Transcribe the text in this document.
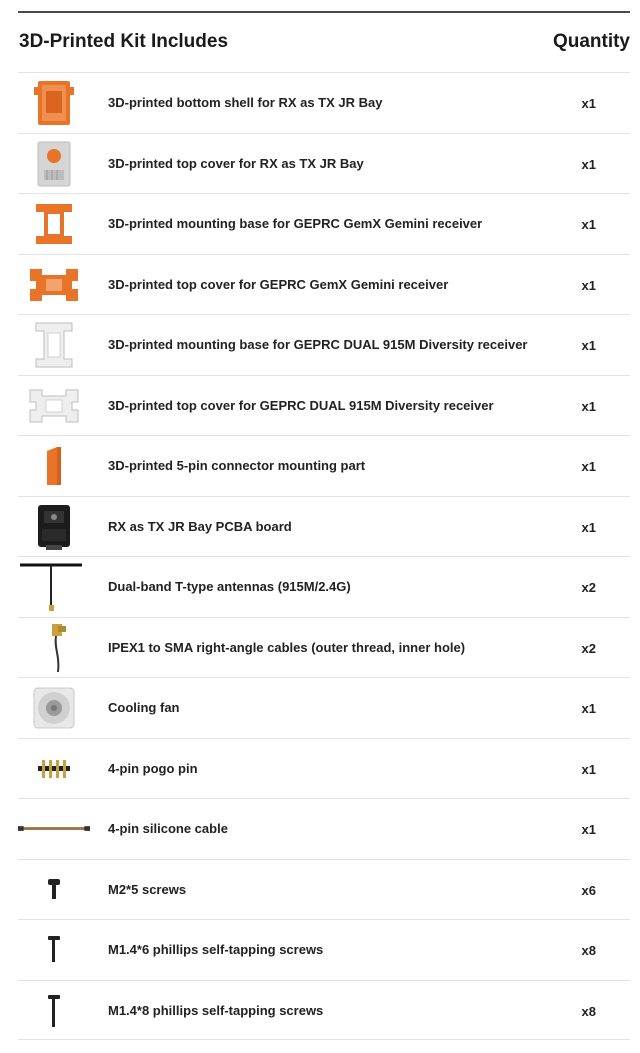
3D-Printed Kit Includes	Quantity
3D-printed bottom shell for RX as TX JR Bay	x1
3D-printed top cover for RX as TX JR Bay	x1
3D-printed mounting base for GEPRC GemX Gemini receiver	x1
3D-printed top cover for GEPRC GemX Gemini receiver	x1
3D-printed mounting base for GEPRC DUAL 915M Diversity receiver	x1
3D-printed top cover for GEPRC DUAL 915M Diversity receiver	x1
3D-printed 5-pin connector mounting part	x1
RX as TX JR Bay PCBA board	x1
Dual-band T-type antennas (915M/2.4G)	x2
IPEX1 to SMA right-angle cables (outer thread, inner hole)	x2
Cooling fan	x1
4-pin pogo pin	x1
4-pin silicone cable	x1
M2*5 screws	x6
M1.4*6 phillips self-tapping screws	x8
M1.4*8 phillips self-tapping screws	x8
